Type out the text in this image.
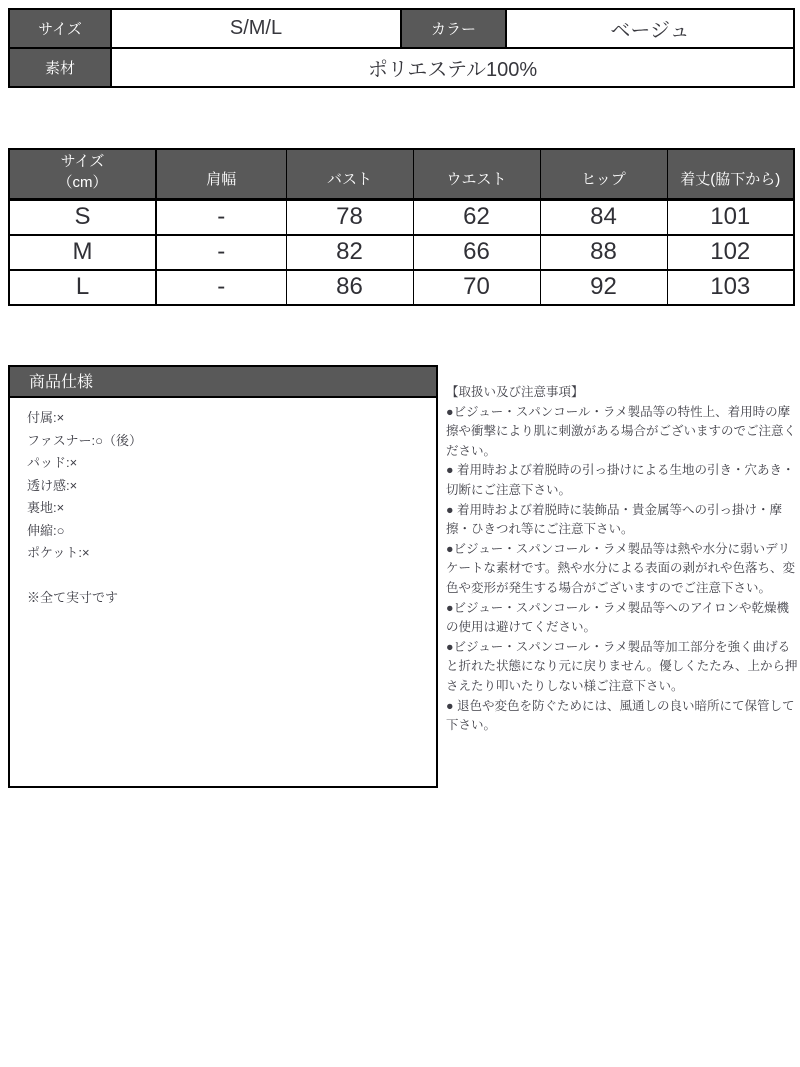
サイズ	S/M/L	カラー	ベージュ
素材	ポリエステル100%		
サイズ
（cm）	肩幅	バスト	ウエスト	ヒップ	着丈(脇下から)
S	-	78	62	84	101
M	-	82	66	88	102
L	-	86	70	92	103
商品仕様
付属:×
ファスナー:○（後）
パッド:×
透け感:×
裏地:×
伸縮:○
ポケット:×
※全て実寸です
【取扱い及び注意事項】
●ビジュー・スパンコール・ラメ製品等の特性上、着用時の摩擦や衝撃により肌に刺激がある場合がございますのでご注意ください。
● 着用時および着脱時の引っ掛けによる生地の引き・穴あき・切断にご注意下さい。
● 着用時および着脱時に装飾品・貴金属等への引っ掛け・摩擦・ひきつれ等にご注意下さい。
●ビジュー・スパンコール・ラメ製品等は熱や水分に弱いデリケートな素材です。熱や水分による表面の剥がれや色落ち、変色や変形が発生する場合がございますのでご注意下さい。
●ビジュー・スパンコール・ラメ製品等へのアイロンや乾燥機の使用は避けてください。
●ビジュー・スパンコール・ラメ製品等加工部分を強く曲げると折れた状態になり元に戻りません。優しくたたみ、上から押さえたり叩いたりしない様ご注意下さい。
● 退色や変色を防ぐためには、風通しの良い暗所にて保管して下さい。
